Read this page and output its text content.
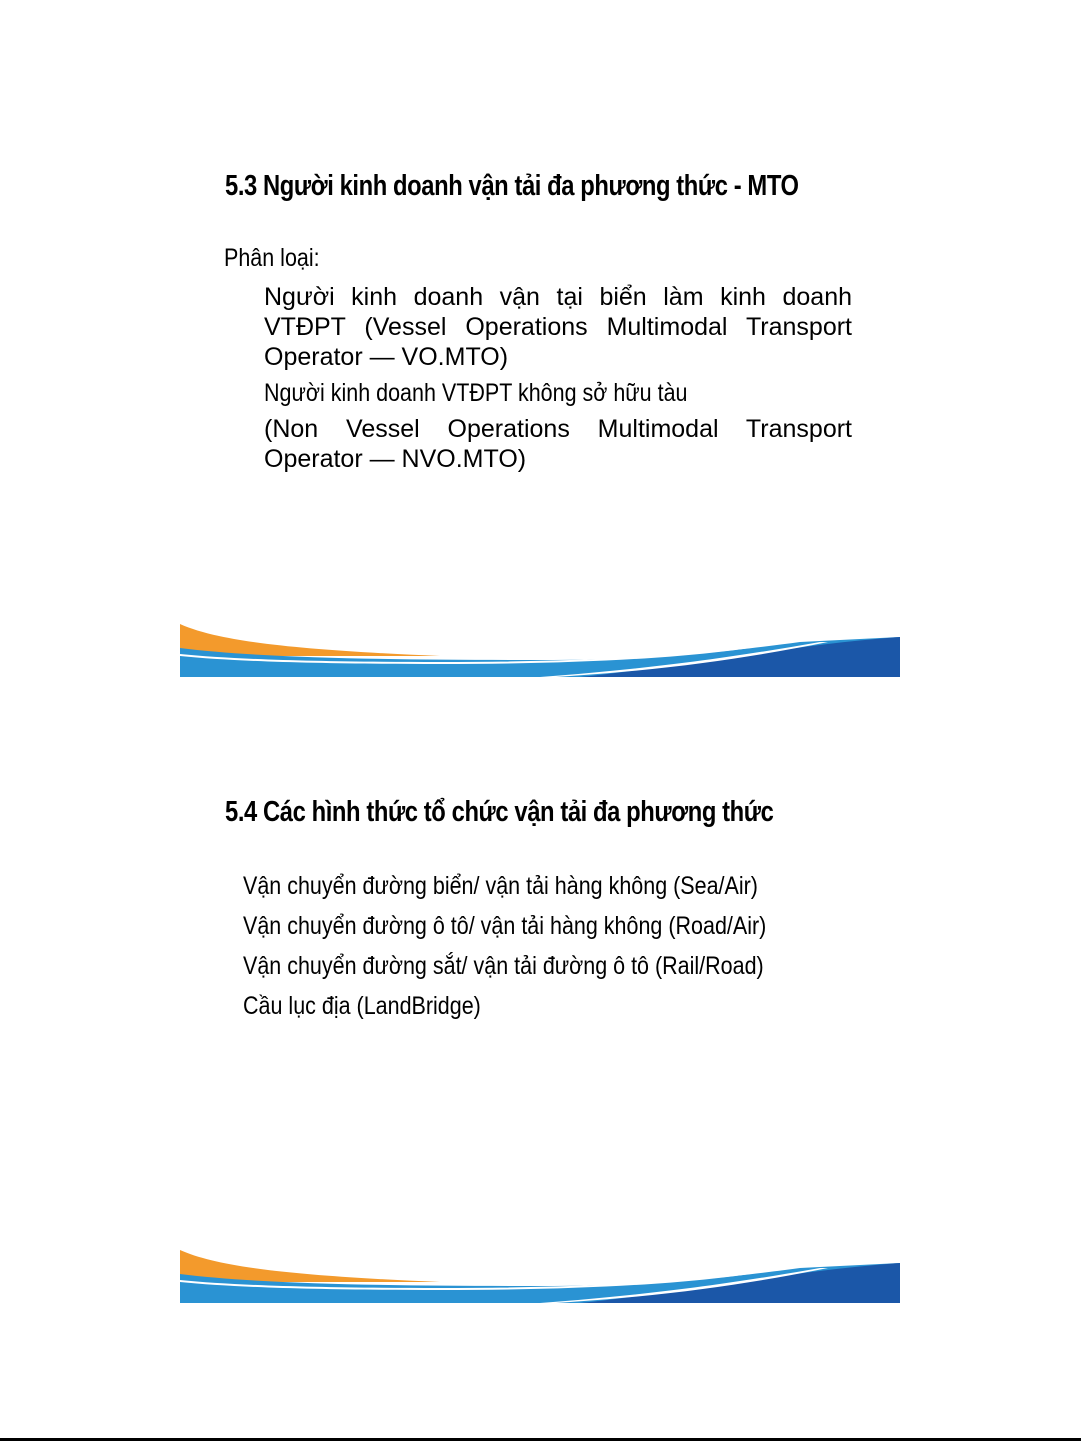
5.3 Người kinh doanh vận tải đa phương thức - MTO
Phân loại:
Người kinh doanh vận tại biển làm kinh doanh VTĐPT (Vessel Operations Multimodal Transport Operator — VO.MTO)
Người kinh doanh VTĐPT không sở hữu tàu
(Non Vessel Operations Multimodal Transport Operator — NVO.MTO)
5.4 Các hình thức tổ chức vận tải đa phương thức
Vận chuyển đường biển/ vận tải hàng không (Sea/Air)
Vận chuyển đường ô tô/ vận tải hàng không (Road/Air)
Vận chuyển đường sắt/ vận tải đường ô tô (Rail/Road)
Cầu lục địa (LandBridge)
